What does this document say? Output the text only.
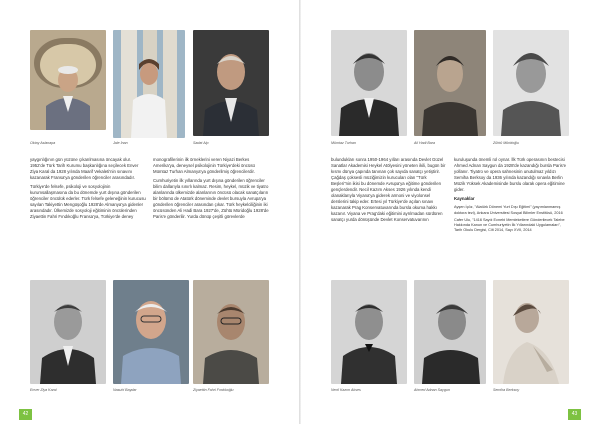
Oktay Aslanapa	Jale İnan	Sadat Alp

yaygınlığının gün yüzüne çıkarılmasına öncayak olur. 1952'de Türk Tarih Kurumu başkanlığına seçilecek Enver Ziya Karal da 1928 yılında Maarif Vekaleti'nin sınavını kazanarak Fransa'ya gönderilen öğrenciler arasındadır.

Türkiye'de felsefe, psikoloji ve sosyolojinin kurumsallaşmasına da bu dönemde yurt dışına gönderilen öğrenciler öncülük ederler. Türk felsefe geleneğinin kurucusu sayılan Takiyettin Mengüşoğlu 1928'de Almanya'ya gidenler arasındadır. Ülkemizde sosyoloji eğitiminin öncülerinden Ziyaettin Fahri Fındıkoğlu Fransa'ya, Türkiye'de deney

monografilerinin ilk örneklerini veren Niyazi Berkes Amerika'ya, deneysel psikolojinin Türkiye'deki öncüsü Mümtaz Turhan Almanya'ya gönderilmiş öğrencilerdir.

Cumhuriyetin ilk yıllarında yurt dışına gönderilen öğrenciler bilim dallarıyla sınırlı kalmaz. Resim, heykel, müzik ve tiyatro alanlarında ülkemizde alanlarının öncüsü olacak sanatçıların bir bölümü de Atatürk döneminde devlet bursuyla Avrupa'ya gönderilen öğrenciler arasından çıkar. Türk heykelciliğinin iki öncüsünden Ali Hadi Bara 1927'de, Zühtü Müridoğlu 1928'de Paris'e gönderilir. Yurda dönüp çeşitli görevlerde

Enver Ziya Karal	Nasuhi Baydar	Ziyaettin Fahri Fındıkoğlu
42
Mümtaz Turhan	Ali Hadi Bara	Zühtü Müridoğlu

bulundukları sonra 1950-1964 yılları arasında Devlet Güzel Sanatlar Akademisi Heykel Atölyesini yöneten ikili, bugün bir kısmı dünya çapında tanınan çok sayıda sanatçı yetiştirir. Çağdaş çoksesli müziğimizin kurucuları olan "Türk Beşleri"nin ikisi bu dönemde Avrupa'ya eğitime gönderilen gençlerdendir. Necil Kazım Akses 1926 yılında kendi olanaklarıyla Viyana'ya giderek armoni ve viyolonsel derslerini takip eder. Ertesi yıl Türkiye'de açılan sınavı kazanarak Prag Konservatuvarında bursla okuma hakkı kazanır. Viyana ve Prag'daki eğitimini ayrılmadan sürdüren sanatçı yurda dönüşünde Devlet Konservatuvarının

kuruluşunda önemli rol oynar. İlk Türk operasının bestecisi Ahmed Adnan Saygun da 1928'de kazandığı bursla Paris'e yollanır. Tiyatro ve opera sahnesinin unutulmaz yıldızı Semiha Berksoy da 1936 yılında kazandığı sınavla Berlin Müzik Yüksek Akademisinde burslu olarak opera eğitimine gider.

Kaynaklar

Ayşen İçöz, "Atatürk Dönemi Yurt Dışı Eğitimi" (yayımlanmamış doktora tezi), Ankara Üniversitesi Sosyal Bilimler Enstitüsü, 2016

Cafer Ulu, "1416 Sayılı Ecnebi Memleketlere Gönderilecek Talebe Hakkında Kanun ve Cumhuriyetin İlk Yıllarındaki Uygulamaları", Tarih Okulu Dergisi, Cilt 2014, Sayı XVII, 2014

Necil Kazım Akses	Ahmed Adnan Saygun	Semiha Berksoy
43
